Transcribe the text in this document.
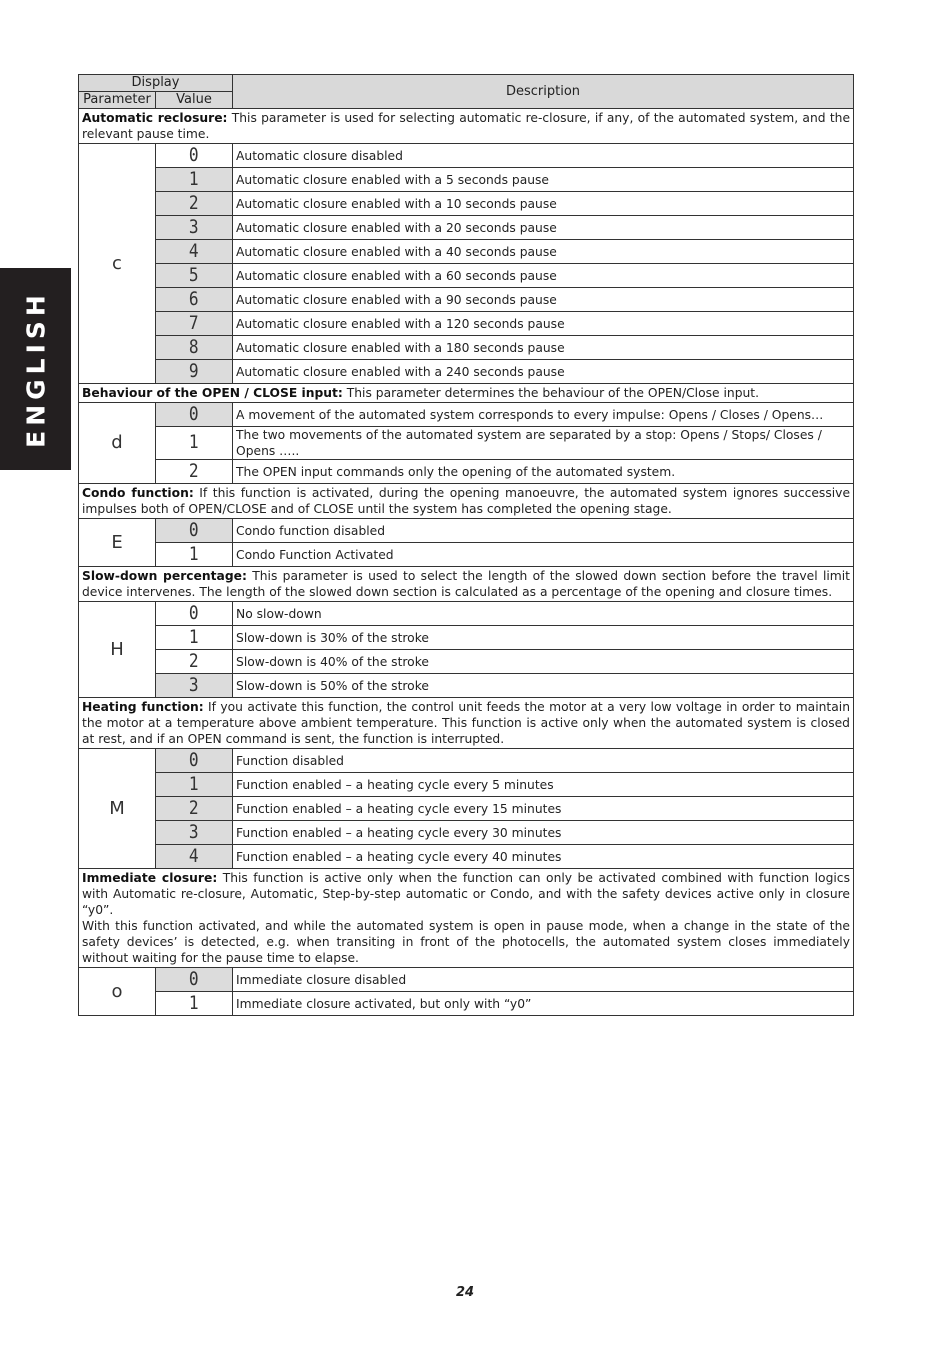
ENGLISH
Display		Description
Parameter	Value	
Automatic reclosure: This parameter is used for selecting automatic re-closure, if any, of the automated system, and the relevant pause time.		
c	0	Automatic closure disabled
	1	Automatic closure enabled with a 5 seconds pause
	2	Automatic closure enabled with a 10 seconds pause
	3	Automatic closure enabled with a 20 seconds pause
	4	Automatic closure enabled with a 40 seconds pause
	5	Automatic closure enabled with a 60 seconds pause
	6	Automatic closure enabled with a 90 seconds pause
	7	Automatic closure enabled with a 120 seconds pause
	8	Automatic closure enabled with a 180 seconds pause
	9	Automatic closure enabled with a 240 seconds pause
Behaviour of the OPEN / CLOSE input: This parameter determines the behaviour of the OPEN/Close input.		
d	0	A movement of the automated system corresponds to every impulse: Opens / Closes / Opens…
	1	The two movements of the automated system are separated by a stop: Opens / Stops/ Closes / Opens …..
	2	The OPEN input commands only the opening of the automated system.
Condo function: If this function is activated, during the opening manoeuvre, the automated system ignores successive impulses both of OPEN/CLOSE and of CLOSE until the system has completed the opening stage.		
E	0	Condo function disabled
	1	Condo Function Activated
Slow-down percentage: This parameter is used to select the length of the slowed down section before the travel limit device intervenes. The length of the slowed down section is calculated as a percentage of the opening and closure times.		
H	0	No slow-down
	1	Slow-down is 30% of the stroke
	2	Slow-down is 40% of the stroke
	3	Slow-down is 50% of the stroke
Heating function: If you activate this function, the control unit feeds the motor at a very low voltage in order to maintain the motor at a temperature above ambient temperature. This function is active only when the automated system is closed at rest, and if an OPEN command is sent, the function is interrupted.		
M	0	Function disabled
	1	Function enabled – a heating cycle every 5 minutes
	2	Function enabled – a heating cycle every 15 minutes
	3	Function enabled – a heating cycle every 30 minutes
	4	Function enabled – a heating cycle every 40 minutes
Immediate closure: This function is active only when the function can only be activated combined with function logics with Automatic re-closure, Automatic, Step-by-step automatic or Condo, and with the safety devices active only in closure “y0”.
With this function activated, and while the automated system is open in pause mode, when a change in the state of the safety devices’ is detected, e.g. when transiting in front of the photocells, the automated system closes immediately without waiting for the pause time to elapse.		

o	0	Immediate closure disabled
	1	Immediate closure activated, but only with “y0”
24
